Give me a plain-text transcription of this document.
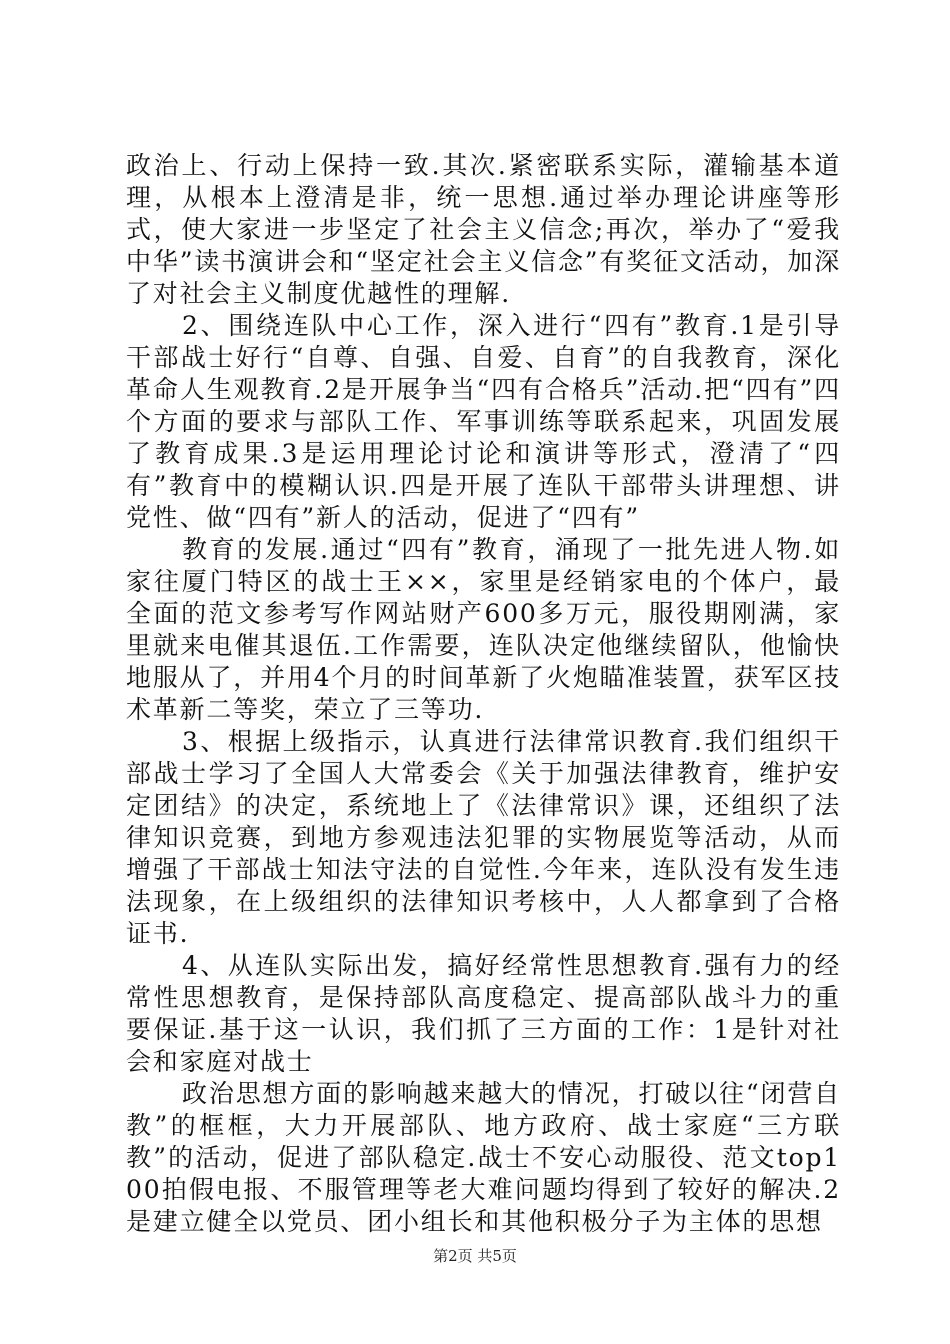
政治上、行动上保持一致.其次.紧密联系实际，灌输基本道理，从根本上澄清是非，统一思想.通过举办理论讲座等形式，使大家进一步坚定了社会主义信念;再次，举办了“爱我中华”读书演讲会和“坚定社会主义信念”有奖征文活动，加深了对社会主义制度优越性的理解.

2、围绕连队中心工作，深入进行“四有”教育.1是引导干部战士好行“自尊、自强、自爱、自育”的自我教育，深化革命人生观教育.2是开展争当“四有合格兵”活动.把“四有”四个方面的要求与部队工作、军事训练等联系起来，巩固发展了教育成果.3是运用理论讨论和演讲等形式，澄清了“四有”教育中的模糊认识.四是开展了连队干部带头讲理想、讲党性、做“四有”新人的活动，促进了“四有”

教育的发展.通过“四有”教育，涌现了一批先进人物.如家往厦门特区的战士王××，家里是经销家电的个体户，最全面的范文参考写作网站财产600多万元，服役期刚满，家里就来电催其退伍.工作需要，连队决定他继续留队，他愉快地服从了，并用4个月的时间革新了火炮瞄准装置，获军区技术革新二等奖，荣立了三等功.

3、根据上级指示，认真进行法律常识教育.我们组织干部战士学习了全国人大常委会《关于加强法律教育，维护安定团结》的决定，系统地上了《法律常识》课，还组织了法律知识竞赛，到地方参观违法犯罪的实物展览等活动，从而增强了干部战士知法守法的自觉性.今年来，连队没有发生违法现象，在上级组织的法律知识考核中，人人都拿到了合格证书.

4、从连队实际出发，搞好经常性思想教育.强有力的经常性思想教育，是保持部队高度稳定、提高部队战斗力的重要保证.基于这一认识，我们抓了三方面的工作：1是针对社会和家庭对战士

政治思想方面的影响越来越大的情况，打破以往“闭营自教”的框框，大力开展部队、地方政府、战士家庭“三方联教”的活动，促进了部队稳定.战士不安心动服役、范文top100拍假电报、不服管理等老大难问题均得到了较好的解决.2是建立健全以党员、团小组长和其他积极分子为主体的思想

第2页 共5页
